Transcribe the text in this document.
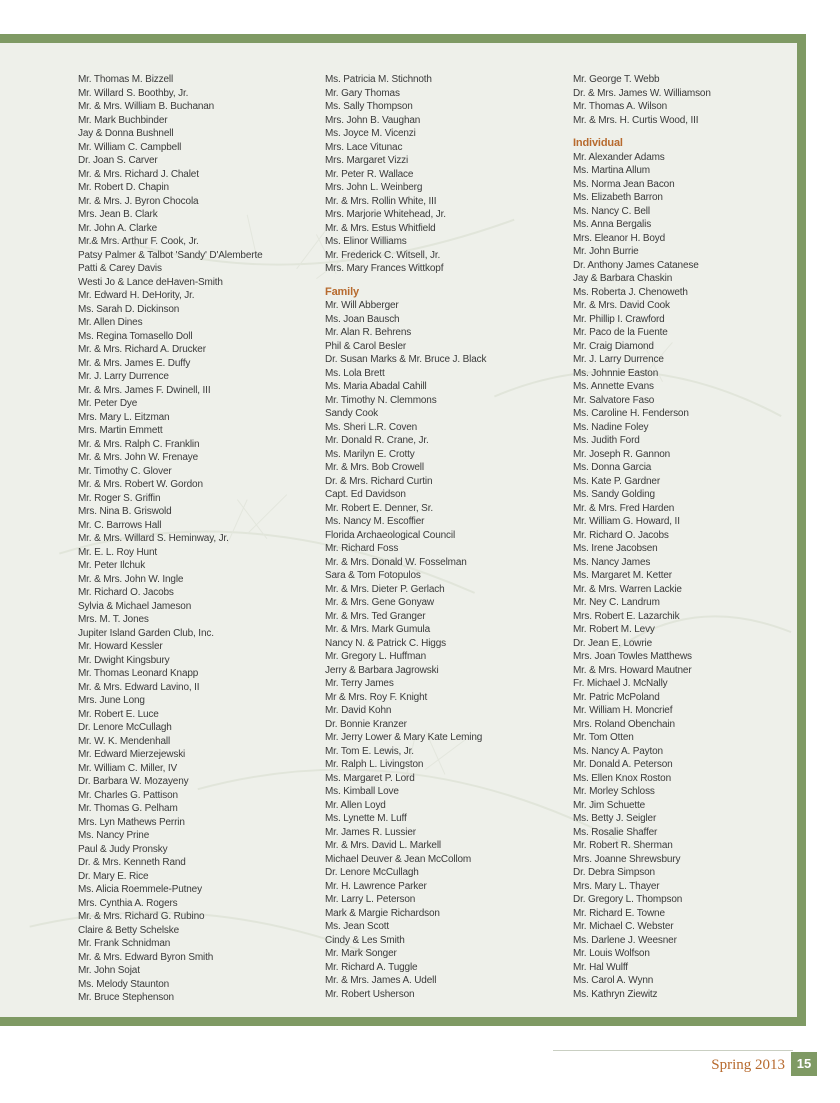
Mr. Thomas M. Bizzell
Mr. Willard S. Boothby, Jr.
Mr. & Mrs. William B. Buchanan
Mr. Mark Buchbinder
Jay & Donna Bushnell
Mr. William C. Campbell
Dr. Joan S. Carver
Mr. & Mrs. Richard J. Chalet
Mr. Robert D. Chapin
Mr. & Mrs. J. Byron Chocola
Mrs. Jean B. Clark
Mr. John A. Clarke
Mr.& Mrs. Arthur F. Cook, Jr.
Patsy Palmer & Talbot 'Sandy' D'Alemberte
Patti & Carey Davis
Westi Jo & Lance deHaven-Smith
Mr. Edward H. DeHority, Jr.
Ms. Sarah D. Dickinson
Mr. Allen Dines
Ms. Regina Tomasello Doll
Mr. & Mrs. Richard A. Drucker
Mr. & Mrs. James E. Duffy
Mr. J. Larry Durrence
Mr. & Mrs. James F. Dwinell, III
Mr. Peter Dye
Mrs. Mary L. Eitzman
Mrs. Martin Emmett
Mr. & Mrs. Ralph C. Franklin
Mr. & Mrs. John W. Frenaye
Mr. Timothy C. Glover
Mr. & Mrs. Robert W. Gordon
Mr. Roger S. Griffin
Mrs. Nina B. Griswold
Mr. C. Barrows Hall
Mr. & Mrs. Willard S. Heminway, Jr.
Mr. E. L. Roy Hunt
Mr. Peter Ilchuk
Mr. & Mrs. John W. Ingle
Mr. Richard O. Jacobs
Sylvia & Michael Jameson
Mrs. M. T. Jones
Jupiter Island Garden Club, Inc.
Mr. Howard Kessler
Mr. Dwight Kingsbury
Mr. Thomas Leonard Knapp
Mr. & Mrs. Edward Lavino, II
Mrs. June Long
Mr. Robert E. Luce
Dr. Lenore McCullagh
Mr. W. K. Mendenhall
Mr. Edward Mierzejewski
Mr. William C. Miller, IV
Dr. Barbara W. Mozayeny
Mr. Charles G. Pattison
Mr. Thomas G. Pelham
Mrs. Lyn Mathews Perrin
Ms. Nancy Prine
Paul & Judy Pronsky
Dr. & Mrs. Kenneth Rand
Dr. Mary E. Rice
Ms. Alicia Roemmele-Putney
Mrs. Cynthia A. Rogers
Mr. & Mrs. Richard G. Rubino
Claire & Betty Schelske
Mr. Frank Schnidman
Mr. & Mrs. Edward Byron Smith
Mr. John Sojat
Ms. Melody Staunton
Mr. Bruce Stephenson
Ms. Patricia M. Stichnoth
Mr. Gary Thomas
Ms. Sally Thompson
Mrs. John B. Vaughan
Ms. Joyce M. Vicenzi
Mrs. Lace Vitunac
Mrs. Margaret Vizzi
Mr. Peter R. Wallace
Mrs. John L. Weinberg
Mr. & Mrs. Rollin White, III
Mrs. Marjorie Whitehead, Jr.
Mr. & Mrs. Estus Whitfield
Ms. Elinor Williams
Mr. Frederick C. Witsell, Jr.
Mrs. Mary Frances Wittkopf
Family
Mr. Will Abberger
Ms. Joan Bausch
Mr. Alan R. Behrens
Phil & Carol Besler
Dr. Susan Marks & Mr. Bruce J. Black
Ms. Lola Brett
Ms. Maria Abadal Cahill
Mr. Timothy N. Clemmons
Sandy Cook
Ms. Sheri L.R. Coven
Mr. Donald R. Crane, Jr.
Ms. Marilyn E. Crotty
Mr. & Mrs. Bob Crowell
Dr. & Mrs. Richard Curtin
Capt. Ed Davidson
Mr. Robert E. Denner, Sr.
Ms. Nancy M. Escoffier
Florida Archaeological Council
Mr. Richard Foss
Mr. & Mrs. Donald W. Fosselman
Sara & Tom Fotopulos
Mr. & Mrs. Dieter P. Gerlach
Mr. & Mrs. Gene Gonyaw
Mr. & Mrs. Ted Granger
Mr. & Mrs. Mark Gumula
Nancy N. & Patrick C. Higgs
Mr. Gregory L. Huffman
Jerry & Barbara Jagrowski
Mr. Terry James
Mr & Mrs. Roy F. Knight
Mr. David Kohn
Dr. Bonnie Kranzer
Mr. Jerry Lower & Mary Kate Leming
Mr. Tom E. Lewis, Jr.
Mr. Ralph L. Livingston
Ms. Margaret P. Lord
Ms. Kimball Love
Mr. Allen Loyd
Ms. Lynette M. Luff
Mr. James R. Lussier
Mr. & Mrs. David L. Markell
Michael Deuver & Jean McCollom
Dr. Lenore McCullagh
Mr. H. Lawrence Parker
Mr. Larry L. Peterson
Mark & Margie Richardson
Ms. Jean Scott
Cindy & Les Smith
Mr. Mark Songer
Mr. Richard A. Tuggle
Mr. & Mrs. James A. Udell
Mr. Robert Usherson
Mr. George T. Webb
Dr. & Mrs. James W. Williamson
Mr. Thomas A. Wilson
Mr. & Mrs. H. Curtis Wood, III
Individual
Mr. Alexander Adams
Ms. Martina Allum
Ms. Norma Jean Bacon
Ms. Elizabeth Barron
Ms. Nancy C. Bell
Ms. Anna Bergalis
Mrs. Eleanor H. Boyd
Mr. John Burrie
Dr. Anthony James Catanese
Jay & Barbara Chaskin
Ms. Roberta J. Chenoweth
Mr. & Mrs. David Cook
Mr. Phillip I. Crawford
Mr. Paco de la Fuente
Mr. Craig Diamond
Mr. J. Larry Durrence
Ms. Johnnie Easton
Ms. Annette Evans
Mr. Salvatore Faso
Ms. Caroline H. Fenderson
Ms. Nadine Foley
Ms. Judith Ford
Mr. Joseph R. Gannon
Ms. Donna Garcia
Ms. Kate P. Gardner
Ms. Sandy Golding
Mr. & Mrs. Fred Harden
Mr. William G. Howard, II
Mr. Richard O. Jacobs
Ms. Irene Jacobsen
Ms. Nancy James
Ms. Margaret M. Ketter
Mr. & Mrs. Warren Lackie
Mr. Ney C. Landrum
Mrs. Robert E. Lazarchik
Mr. Robert M. Levy
Dr. Jean E. Lowrie
Mrs. Joan Towles Matthews
Mr. & Mrs. Howard Mautner
Fr. Michael J. McNally
Mr. Patric McPoland
Mr. William H. Moncrief
Mrs. Roland Obenchain
Mr. Tom Otten
Ms. Nancy A. Payton
Mr. Donald A. Peterson
Ms. Ellen Knox Roston
Mr. Morley Schloss
Mr. Jim Schuette
Ms. Betty J. Seigler
Ms. Rosalie Shaffer
Mr. Robert R. Sherman
Mrs. Joanne Shrewsbury
Dr. Debra Simpson
Mrs. Mary L. Thayer
Dr. Gregory L. Thompson
Mr. Richard E. Towne
Mr. Michael C. Webster
Ms. Darlene J. Weesner
Mr. Louis Wolfson
Mr. Hal Wulff
Ms. Carol A. Wynn
Ms. Kathryn Ziewitz
Spring 2013 15
